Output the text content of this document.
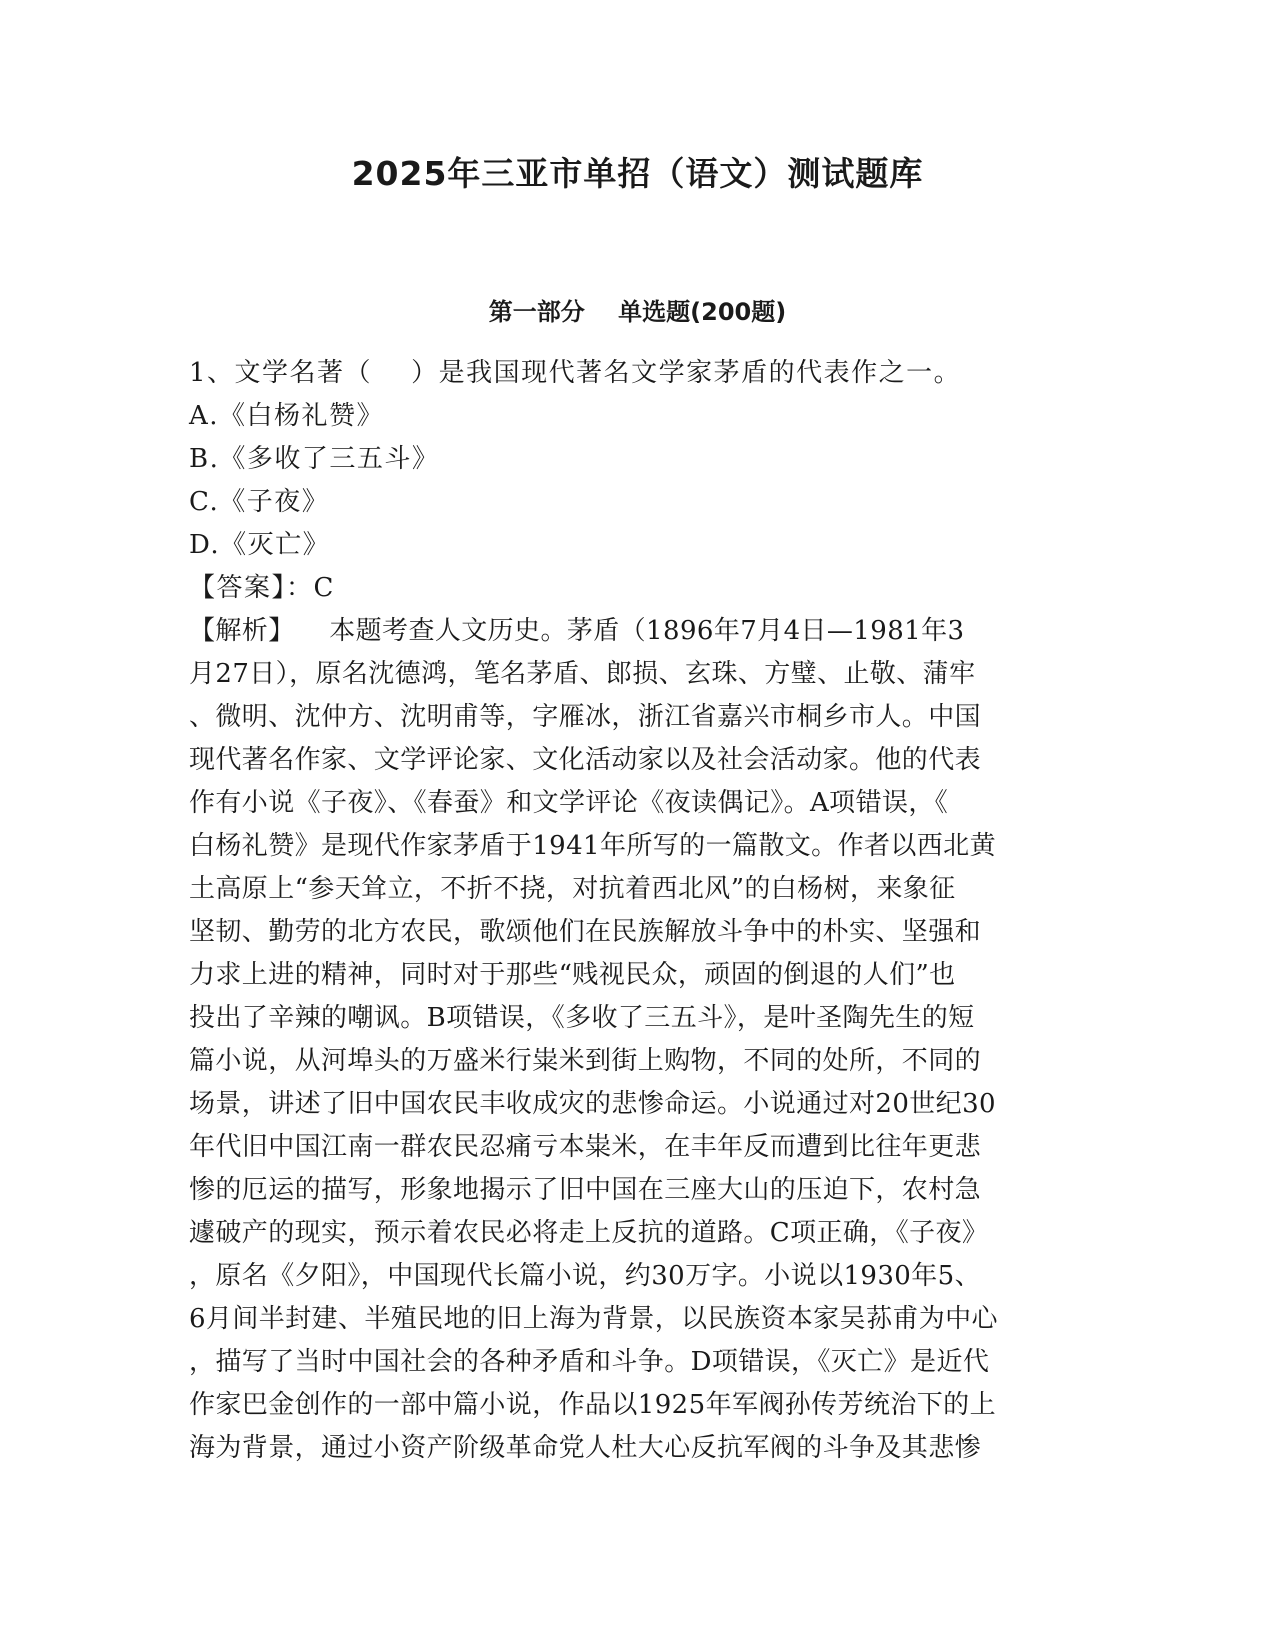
2025年三亚市单招（语文）测试题库
第一部分    单选题(200题)
1、文学名著（    ）是我国现代著名文学家茅盾的代表作之一。
A.《白杨礼赞》
B.《多收了三五斗》
C.《子夜》
D.《灭亡》
【答案】：C
【解析】    本题考查人文历史。茅盾（1896年7月4日—1981年3
月27日），原名沈德鸿，笔名茅盾、郎损、玄珠、方璧、止敬、蒲牢
、微明、沈仲方、沈明甫等，字雁冰，浙江省嘉兴市桐乡市人。中国
现代著名作家、文学评论家、文化活动家以及社会活动家。他的代表
作有小说《子夜》、《春蚕》和文学评论《夜读偶记》。A项错误，《
白杨礼赞》是现代作家茅盾于1941年所写的一篇散文。作者以西北黄
土高原上“参天耸立，不折不挠，对抗着西北风”的白杨树，来象征
坚韧、勤劳的北方农民，歌颂他们在民族解放斗争中的朴实、坚强和
力求上进的精神，同时对于那些“贱视民众，顽固的倒退的人们”也
投出了辛辣的嘲讽。B项错误，《多收了三五斗》，是叶圣陶先生的短
篇小说，从河埠头的万盛米行粜米到街上购物，不同的处所，不同的
场景，讲述了旧中国农民丰收成灾的悲惨命运。小说通过对20世纪30
年代旧中国江南一群农民忍痛亏本粜米，在丰年反而遭到比往年更悲
惨的厄运的描写，形象地揭示了旧中国在三座大山的压迫下，农村急
遽破产的现实，预示着农民必将走上反抗的道路。C项正确，《子夜》
，原名《夕阳》，中国现代长篇小说，约30万字。小说以1930年5、
6月间半封建、半殖民地的旧上海为背景，以民族资本家吴荪甫为中心
，描写了当时中国社会的各种矛盾和斗争。D项错误，《灭亡》是近代
作家巴金创作的一部中篇小说，作品以1925年军阀孙传芳统治下的上
海为背景，通过小资产阶级革命党人杜大心反抗军阀的斗争及其悲惨
